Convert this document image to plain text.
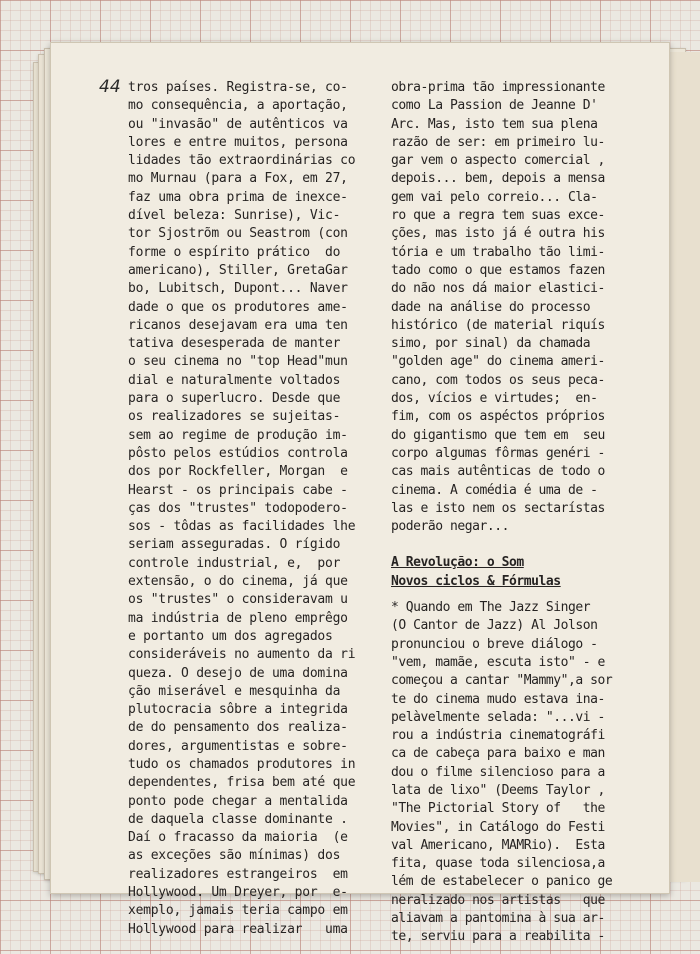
44 tros países. Registra-se, co-
mo consequência, a aportação,
ou "invasão" de autênticos va
lores e entre muitos, persona
lidades tão extraordinárias co
mo Murnau (para a Fox, em 27,
faz uma obra prima de inexce-
dível beleza: Sunrise), Vic-
tor Sjostrõm ou Seastrom (con
forme o espírito prático  do
americano), Stiller, GretaGar
bo, Lubitsch, Dupont... Naver
dade o que os produtores ame-
ricanos desejavam era uma ten
tativa desesperada de manter
o seu cinema no "top Head"mun
dial e naturalmente voltados
para o superlucro. Desde que
os realizadores se sujeitas-
sem ao regime de produção im-
pôsto pelos estúdios controla
dos por Rockfeller, Morgan  e
Hearst - os principais cabe -
ças dos "trustes" todopodero-
sos - tôdas as facilidades lhe
seriam asseguradas. O rígido
controle industrial, e,  por
extensão, o do cinema, já que
os "trustes" o consideravam u
ma indústria de pleno emprêgo
e portanto um dos agregados
consideráveis no aumento da ri
queza. O desejo de uma domina
ção miserável e mesquinha da
plutocracia sôbre a integrida
de do pensamento dos realiza-
dores, argumentistas e sobre-
tudo os chamados produtores in
dependentes, frisa bem até que
ponto pode chegar a mentalida
de daquela classe dominante .
Daí o fracasso da maioria  (e
as exceções são mínimas) dos
realizadores estrangeiros  em
Hollywood. Um Dreyer, por  e-
xemplo, jamais teria campo em
Hollywood para realizar   uma
obra-prima tão impressionante
como La Passion de Jeanne D'
Arc. Mas, isto tem sua plena
razão de ser: em primeiro lu-
gar vem o aspecto comercial ,
depois... bem, depois a mensa
gem vai pelo correio... Cla-
ro que a regra tem suas exce-
ções, mas isto já é outra his
tória e um trabalho tão limi-
tado como o que estamos fazen
do não nos dá maior elastici-
dade na análise do processo
histórico (de material riquís
simo, por sinal) da chamada
"golden age" do cinema ameri-
cano, com todos os seus peca-
dos, vícios e virtudes;  en-
fim, com os aspéctos próprios
do gigantismo que tem em  seu
corpo algumas fôrmas genéri -
cas mais autênticas de todo o
cinema. A comédia é uma de -
las e isto nem os sectarístas
poderão negar...
A Revolução: o Som
Novos ciclos & Fórmulas
* Quando em The Jazz Singer
(O Cantor de Jazz) Al Jolson
pronunciou o breve diálogo -
"vem, mamãe, escuta isto" - e
começou a cantar "Mammy",a sor
te do cinema mudo estava ina-
pelàvelmente selada: "...vi -
rou a indústria cinematográfi
ca de cabeça para baixo e man
dou o filme silencioso para a
lata de lixo" (Deems Taylor ,
"The Pictorial Story of   the
Movies", in Catálogo do Festi
val Americano, MAMRio).  Esta
fita, quase toda silenciosa,a
lém de estabelecer o panico ge
neralizado nos artistas   que
aliavam a pantomina à sua ar-
te, serviu para a reabilita -
